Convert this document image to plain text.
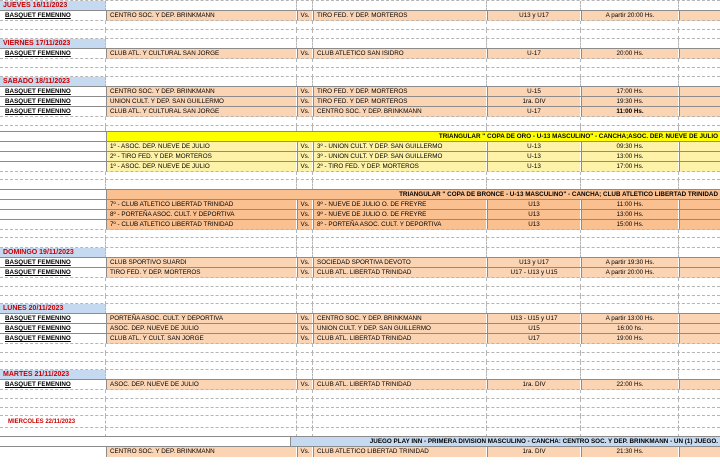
JUEVES 16/11/2023
BASQUET FEMENINO	CENTRO SOC. Y DEP. BRINKMANN	Vs.	TIRO FED. Y DEP. MORTEROS	U13 y U17	A partir 20:00 Hs.
VIERNES 17/11/2023
BASQUET FEMENINO	CLUB ATL. Y CULTURAL SAN JORGE	Vs.	CLUB ATLETICO SAN ISIDRO	U-17	20:00 Hs.
SABADO 18/11/2023
BASQUET FEMENINO	CENTRO SOC. Y DEP. BRINKMANN	Vs.	TIRO FED. Y DEP. MORTEROS	U-15	17:00 Hs.
BASQUET FEMENINO	UNION CULT. Y DEP. SAN GUILLERMO	Vs.	TIRO FED. Y DEP. MORTEROS	1ra. DIV	19:30 Hs.
BASQUET FEMENINO	CLUB ATL. Y CULTURAL SAN JORGE	Vs.	CENTRO SOC. Y DEP. BRINKMANN	U-17	11:00 Hs.
TRIANGULAR " COPA DE ORO - U-13 MASCULINO" - CANCHA;ASOC. DEP. NUEVE DE JULIO
1º - ASOC. DEP. NUEVE DE JULIO	Vs.	3º - UNION CULT. Y DEP. SAN GUILLERMO	U-13	09:30 Hs.
2º - TIRO FED. Y DEP. MORTEROS	Vs.	3º - UNION CULT. Y DEP. SAN GUILLERMO	U-13	13:00 Hs.
1º - ASOC. DEP. NUEVE DE JULIO	Vs.	2º - TIRO FED. Y DEP. MORTEROS	U-13	17:00 Hs.
TRIANGULAR " COPA DE BRONCE - U-13 MASCULINO" - CANCHA; CLUB ATLETICO LIBERTAD TRINIDAD
7º - CLUB ATLETICO LIBERTAD TRINIDAD	Vs.	9º - NUEVE DE JULIO O. DE FREYRE	U13	11:00 Hs.
8º - PORTEÑA ASOC. CULT. Y DEPORTIVA	Vs.	9º - NUEVE DE JULIO O. DE FREYRE	U13	13:00 Hs.
7º - CLUB ATLETICO LIBERTAD TRINIDAD	Vs.	8º - PORTEÑA ASOC. CULT. Y DEPORTIVA	U13	15:00 Hs.
DOMINGO 19/11/2023
BASQUET FEMENINO	CLUB SPORTIVO SUARDI	Vs.	SOCIEDAD SPORTIVA DEVOTO	U13 y U17	A partir 19:30 Hs.
BASQUET FEMENINO	TIRO FED. Y DEP. MORTEROS	Vs.	CLUB ATL. LIBERTAD TRINIDAD	U17 - U13 y U15	A partir 20:00 Hs.
LUNES 20/11/2023
BASQUET FEMENINO	PORTEÑA ASOC. CULT. Y DEPORTIVA	Vs.	CENTRO SOC. Y DEP. BRINKMANN	U13 - U15 y U17	A partir 13:00 Hs.
BASQUET FEMENINO	ASOC. DEP. NUEVE DE JULIO	Vs.	UNION CULT. Y DEP. SAN GUILLERMO	U15	16:00 hs.
BASQUET FEMENINO	CLUB ATL. Y CULT. SAN JORGE	Vs.	CLUB ATL. LIBERTAD TRINIDAD	U17	19:00 Hs.
MARTES 21/11/2023
BASQUET FEMENINO	ASOC. DEP. NUEVE DE JULIO	Vs.	CLUB ATL. LIBERTAD TRINIDAD	1ra. DIV	22:00 Hs.
MIERCOLES 22/11/2023
JUEGO PLAY INN - PRIMERA DIVISION MASCULINO - CANCHA: CENTRO SOC. Y DEP. BRINKMANN - UN (1) JUEGO.
CENTRO SOC. Y DEP. BRINKMANN	Vs.	CLUB ATLETICO LIBERTAD TRINIDAD	1ra. DIV	21:30 Hs.
